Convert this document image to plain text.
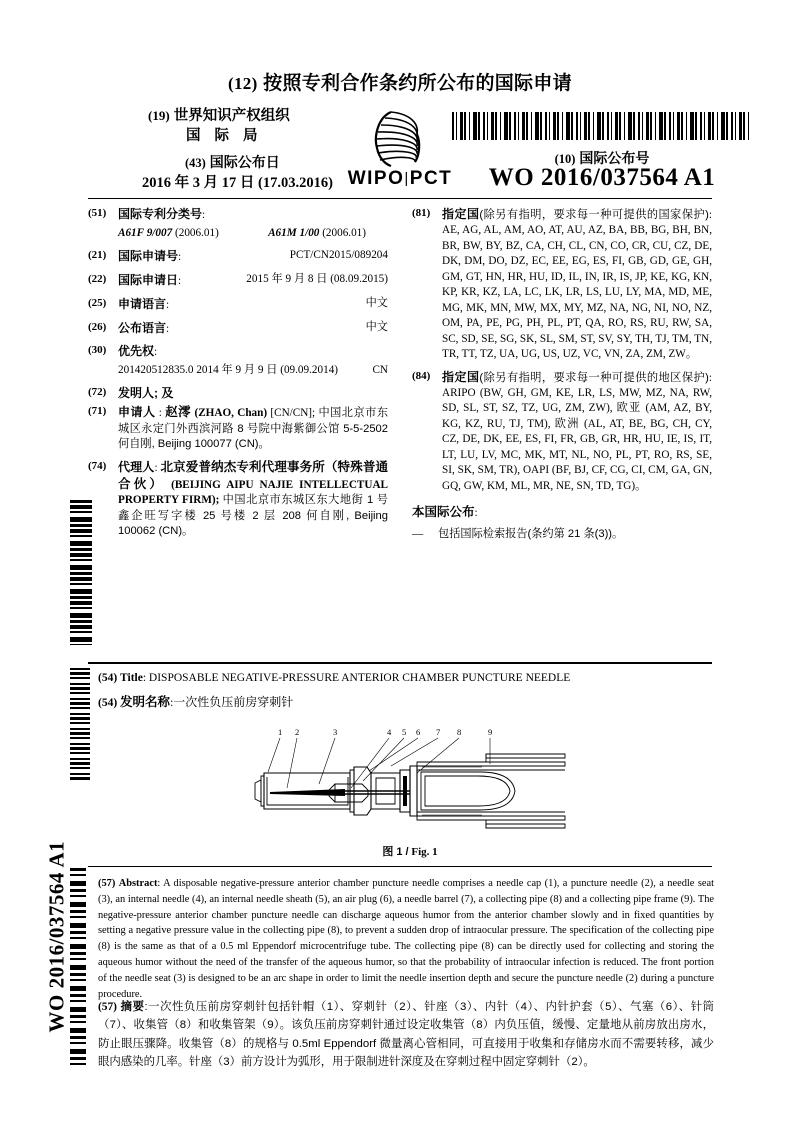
WO 2016/037564 A1
(12) 按照专利合作条约所公布的国际申请
(19) 世界知识产权组织
国 际 局
(43) 国际公布日
2016 年 3 月 17 日 (17.03.2016) WIPO|PCT
(10) 国际公布号
WO 2016/037564 A1
(51) 国际专利分类号:
A61F 9/007 (2006.01)	A61M 1/00 (2006.01)
(21) 国际申请号:	PCT/CN2015/089204
(22) 国际申请日:	2015 年 9 月 8 日 (08.09.2015)
(25) 申请语言:	中文
(26) 公布语言:	中文
(30) 优先权:
201420512835.0 2014 年 9 月 9 日 (09.09.2014)	CN
(72) 发明人; 及
(71) 申请人 : 赵澪 (ZHAO, Chan) [CN/CN]; 中国北京市东城区永定门外西滨河路 8 号院中海紫御公馆 5-5-2502 何自刚, Beijing 100077 (CN)。
(74) 代理人: 北京爱普纳杰专利代理事务所（特殊普通合伙） (BEIJING AIPU NAJIE INTELLECTUAL PROPERTY FIRM); 中国北京市东城区东大地街 1 号鑫企旺写字楼 25 号楼 2 层 208 何自刚, Beijing 100062 (CN)。
(81) 指定国(除另有指明，要求每一种可提供的国家保护): AE, AG, AL, AM, AO, AT, AU, AZ, BA, BB, BG, BH, BN, BR, BW, BY, BZ, CA, CH, CL, CN, CO, CR, CU, CZ, DE, DK, DM, DO, DZ, EC, EE, EG, ES, FI, GB, GD, GE, GH, GM, GT, HN, HR, HU, ID, IL, IN, IR, IS, JP, KE, KG, KN, KP, KR, KZ, LA, LC, LK, LR, LS, LU, LY, MA, MD, ME, MG, MK, MN, MW, MX, MY, MZ, NA, NG, NI, NO, NZ, OM, PA, PE, PG, PH, PL, PT, QA, RO, RS, RU, RW, SA, SC, SD, SE, SG, SK, SL, SM, ST, SV, SY, TH, TJ, TM, TN, TR, TT, TZ, UA, UG, US, UZ, VC, VN, ZA, ZM, ZW。
(84) 指定国(除另有指明，要求每一种可提供的地区保护): ARIPO (BW, GH, GM, KE, LR, LS, MW, MZ, NA, RW, SD, SL, ST, SZ, TZ, UG, ZM, ZW), 欧亚 (AM, AZ, BY, KG, KZ, RU, TJ, TM), 欧洲 (AL, AT, BE, BG, CH, CY, CZ, DE, DK, EE, ES, FI, FR, GB, GR, HR, HU, IE, IS, IT, LT, LU, LV, MC, MK, MT, NL, NO, PL, PT, RO, RS, SE, SI, SK, SM, TR), OAPI (BF, BJ, CF, CG, CI, CM, GA, GN, GQ, GW, KM, ML, MR, NE, SN, TD, TG)。
本国际公布:
—	包括国际检索报告(条约第 21 条(3))。
(54) Title: DISPOSABLE NEGATIVE-PRESSURE ANTERIOR CHAMBER PUNCTURE NEEDLE
(54) 发明名称:一次性负压前房穿刺针
1 2	3	4 5 6 7 8	9
图 1 / Fig. 1
(57) Abstract: A disposable negative-pressure anterior chamber puncture needle comprises a needle cap (1), a puncture needle (2), a needle seat (3), an internal needle (4), an internal needle sheath (5), an air plug (6), a needle barrel (7), a collecting pipe (8) and a collecting pipe frame (9). The negative-pressure anterior chamber puncture needle can discharge aqueous humor from the anterior chamber slowly and in fixed quantities by setting a negative pressure value in the collecting pipe (8), to prevent a sudden drop of intraocular pressure. The specification of the collecting pipe (8) is the same as that of a 0.5 ml Eppendorf microcentrifuge tube. The collecting pipe (8) can be directly used for collecting and storing the aqueous humor without the need of the transfer of the aqueous humor, so that the probability of intraocular infection is reduced. The front portion of the needle seat (3) is designed to be an arc shape in order to limit the needle insertion depth and secure the puncture needle (2) during a puncture procedure.
(57) 摘要:一次性负压前房穿刺针包括针帽（1）、穿刺针（2）、针座（3）、内针（4）、内针护套（5）、气塞（6）、针筒（7）、收集管（8）和收集管架（9）。该负压前房穿刺针通过设定收集管（8）内负压值，缓慢、定量地从前房放出房水，防止眼压骤降。收集管（8）的规格与 0.5ml Eppendorf 微量离心管相同，可直接用于收集和存储房水而不需要转移，减少眼内感染的几率。针座（3）前方设计为弧形，用于限制进针深度及在穿刺过程中固定穿刺针（2）。
